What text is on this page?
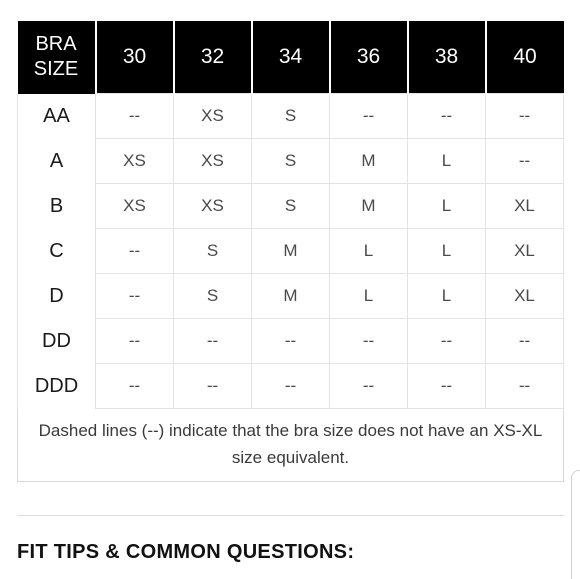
BRA
SIZE	30	32	34	36	38	40
AA	--	XS	S	--	--	--
A	XS	XS	S	M	L	--
B	XS	XS	S	M	L	XL
C	--	S	M	L	L	XL
D	--	S	M	L	L	XL
DD	--	--	--	--	--	--
DDD	--	--	--	--	--	--
Dashed lines (--) indicate that the bra size does not have an XS-XL size equivalent.						
FIT TIPS & COMMON QUESTIONS:
